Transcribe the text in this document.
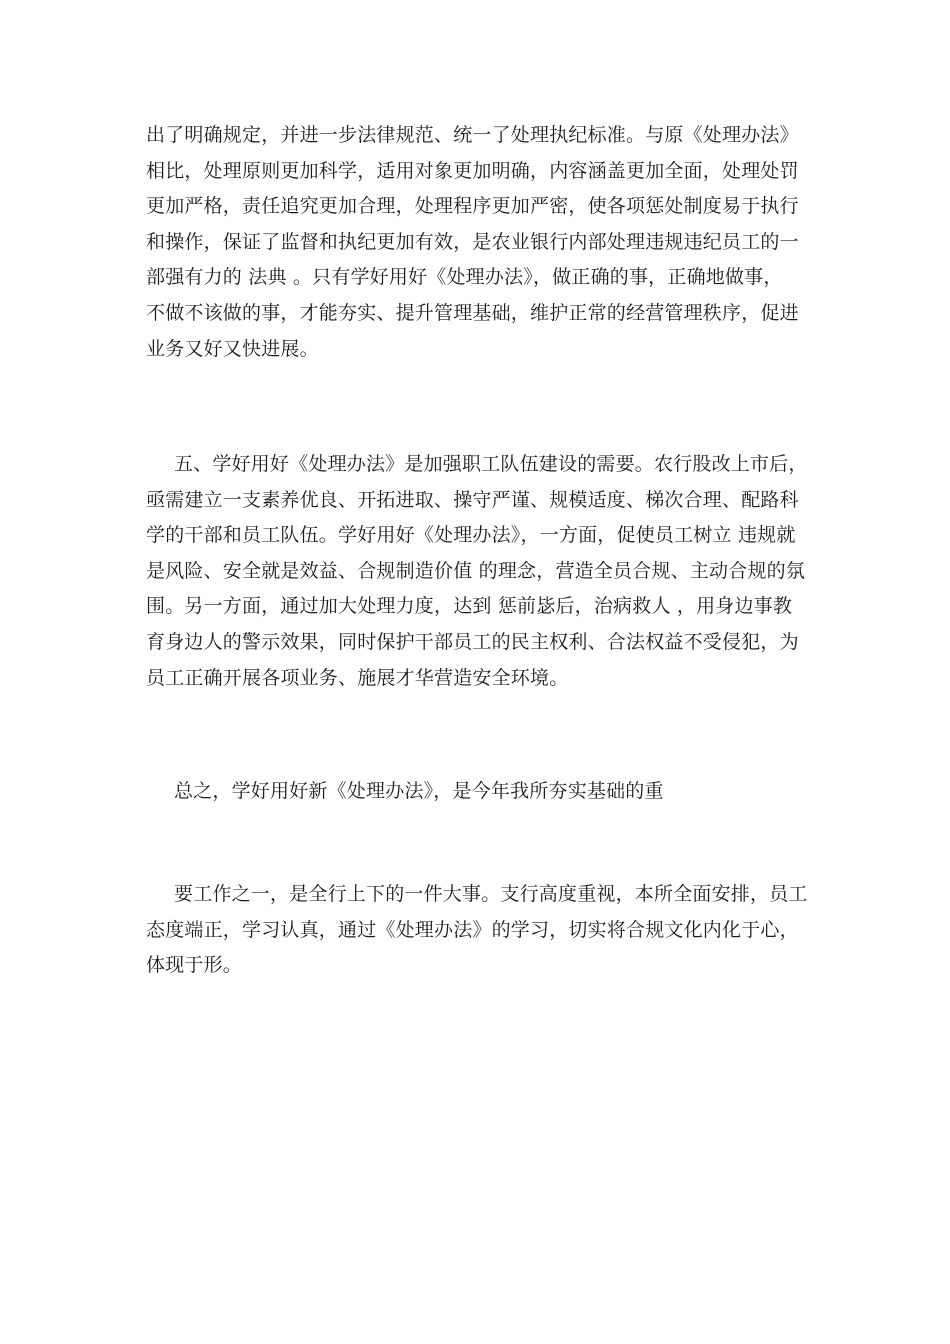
出了明确规定，并进一步法律规范、统一了处理执纪标准。与原《处理办法》
相比，处理原则更加科学，适用对象更加明确，内容涵盖更加全面，处理处罚
更加严格，责任追究更加合理，处理程序更加严密，使各项惩处制度易于执行
和操作，保证了监督和执纪更加有效，是农业银行内部处理违规违纪员工的一
部强有力的 法典 。只有学好用好《处理办法》，做正确的事，正确地做事，
不做不该做的事，才能夯实、提升管理基础，维护正常的经营管理秩序，促进
业务又好又快进展。
五、学好用好《处理办法》是加强职工队伍建设的需要。农行股改上市后，
亟需建立一支素养优良、开拓进取、操守严谨、规模适度、梯次合理、配路科
学的干部和员工队伍。学好用好《处理办法》，一方面，促使员工树立 违规就
是风险、安全就是效益、合规制造价值 的理念，营造全员合规、主动合规的氛
围。另一方面，通过加大处理力度，达到 惩前毖后，治病救人 ，用身边事教
育身边人的警示效果，同时保护干部员工的民主权利、合法权益不受侵犯，为
员工正确开展各项业务、施展才华营造安全环境。
总之，学好用好新《处理办法》，是今年我所夯实基础的重
要工作之一，是全行上下的一件大事。支行高度重视，本所全面安排，员工
态度端正，学习认真，通过《处理办法》的学习，切实将合规文化内化于心，
体现于形。
